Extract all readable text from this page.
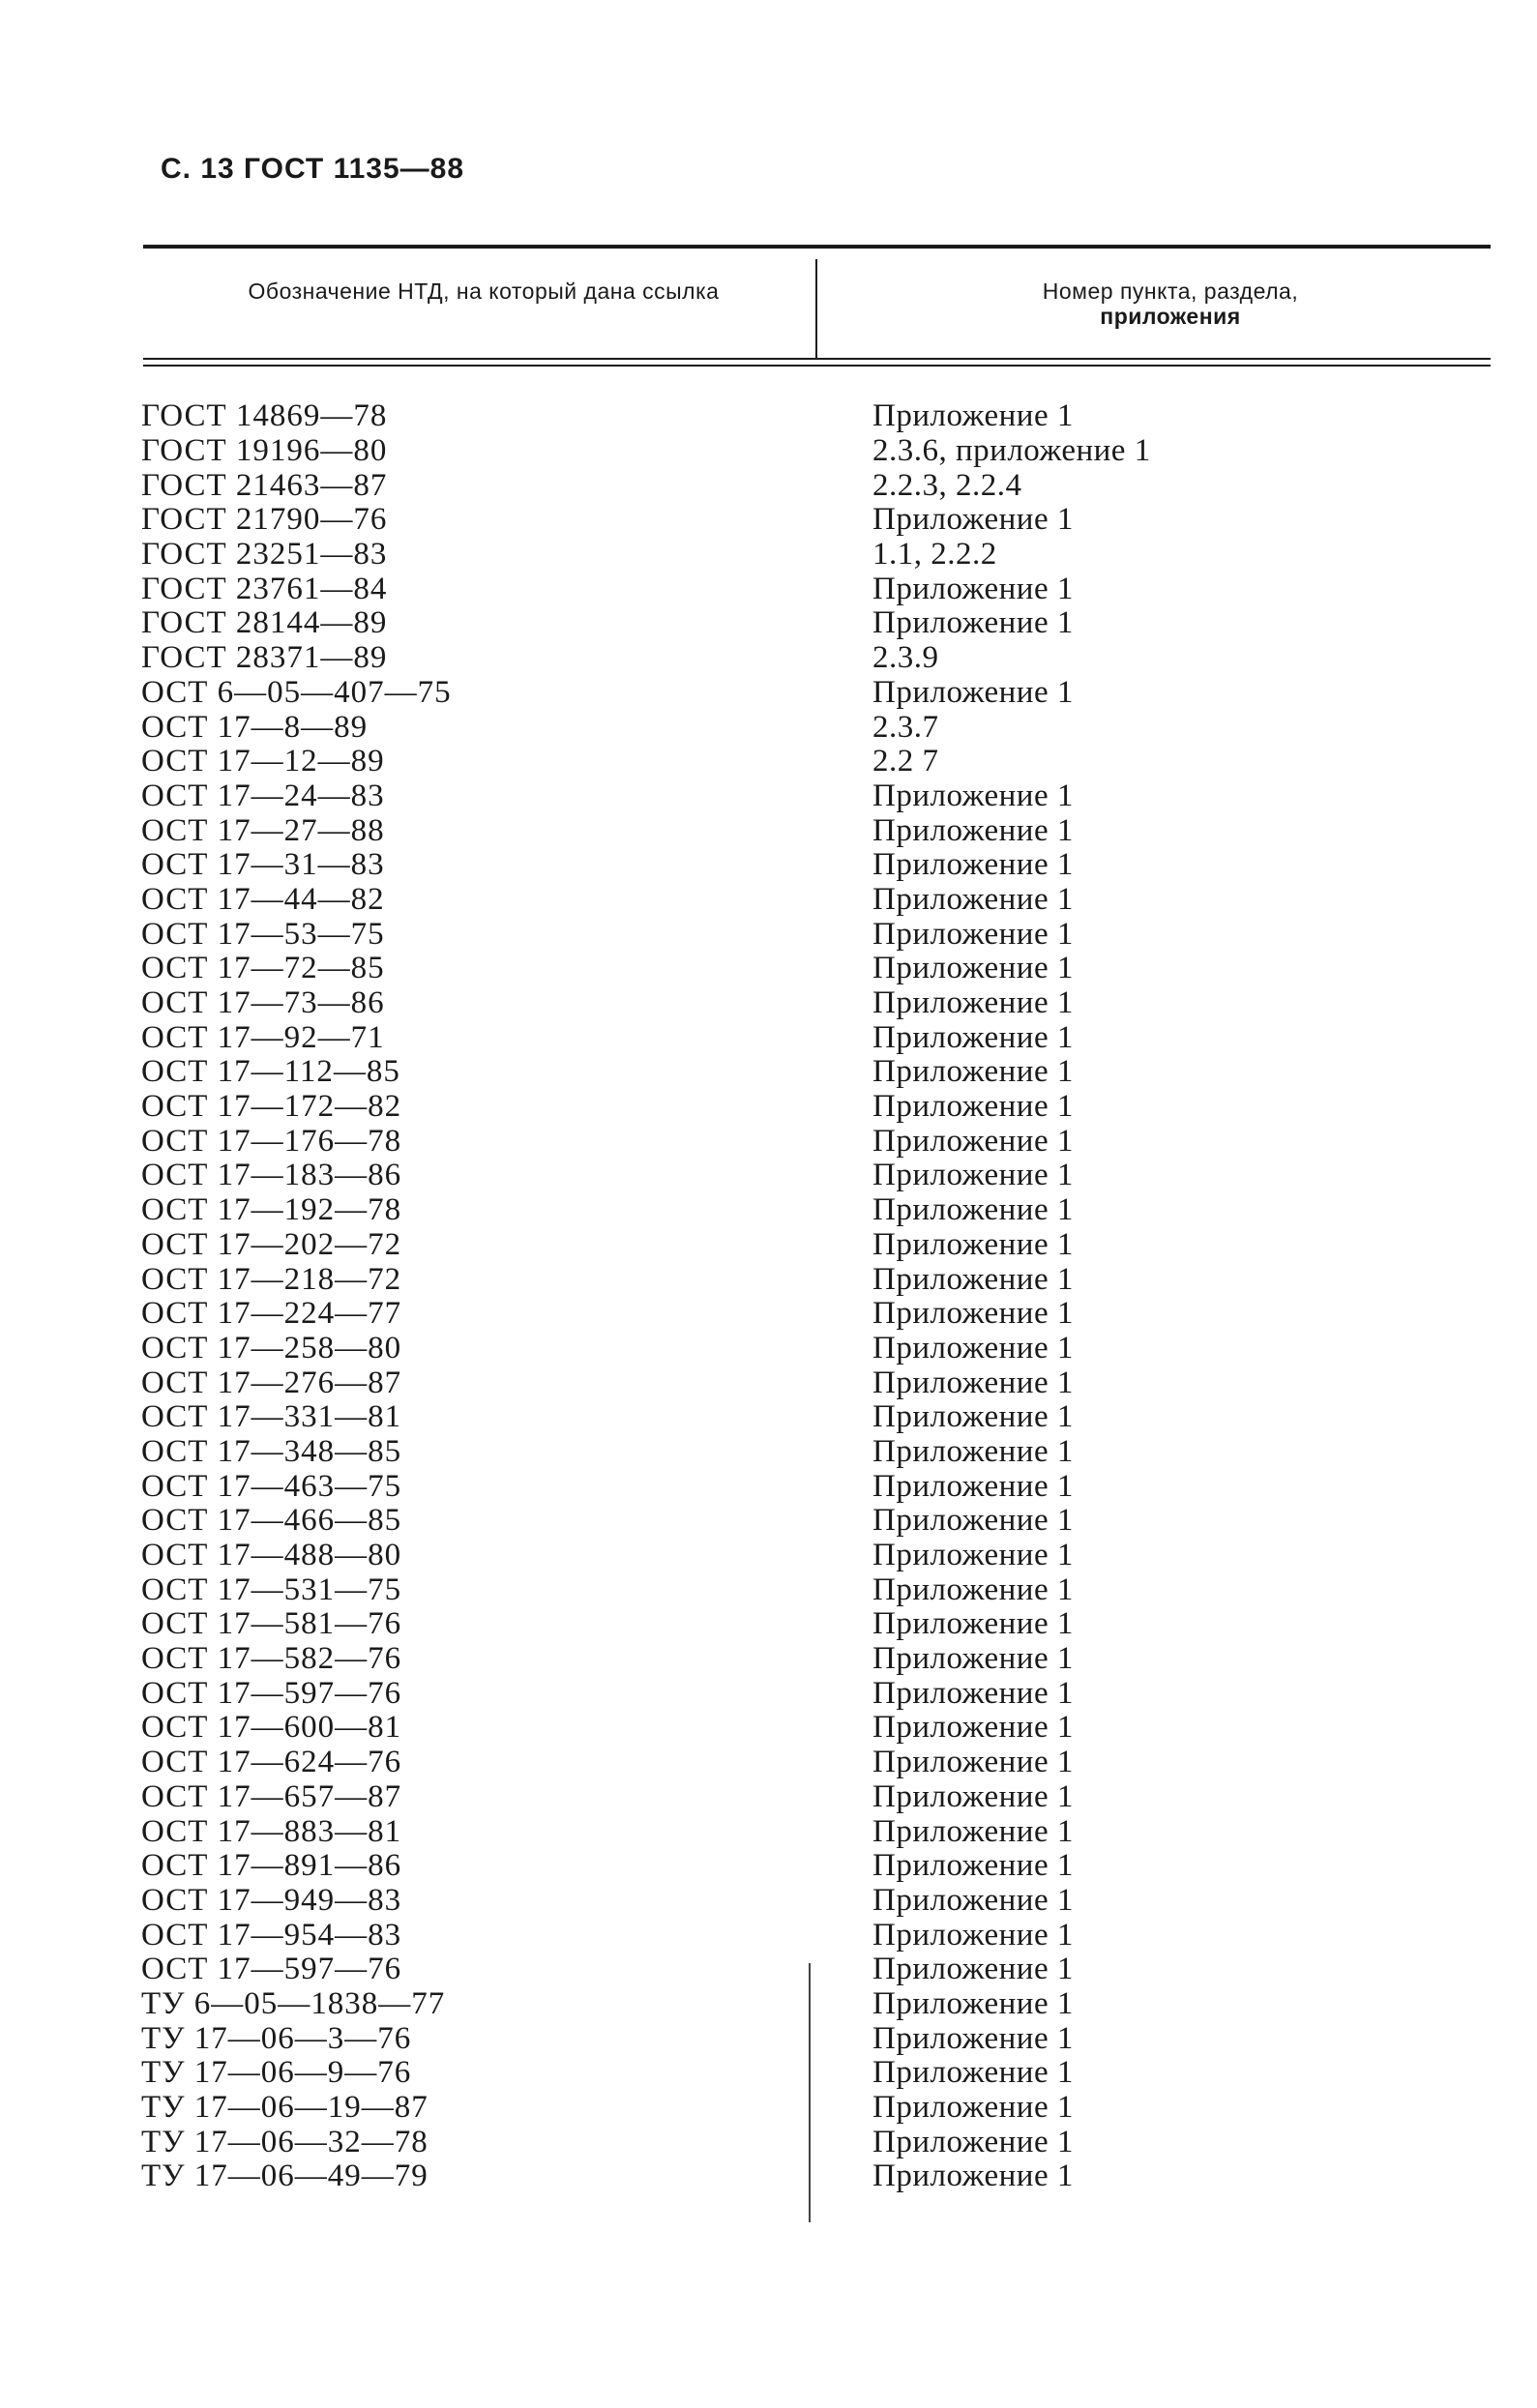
С. 13 ГОСТ 1135—88
Обозначение НТД, на который дана ссылка	Номер пункта, раздела,
приложения
ГОСТ 14869—78	Приложение 1
ГОСТ 19196—80	2.3.6, приложение 1
ГОСТ 21463—87	2.2.3, 2.2.4
ГОСТ 21790—76	Приложение 1
ГОСТ 23251—83	1.1, 2.2.2
ГОСТ 23761—84	Приложение 1
ГОСТ 28144—89	Приложение 1
ГОСТ 28371—89	2.3.9
ОСТ 6—05—407—75	Приложение 1
ОСТ 17—8—89	2.3.7
ОСТ 17—12—89	2.2 7
ОСТ 17—24—83	Приложение 1
ОСТ 17—27—88	Приложение 1
ОСТ 17—31—83	Приложение 1
ОСТ 17—44—82	Приложение 1
ОСТ 17—53—75	Приложение 1
ОСТ 17—72—85	Приложение 1
ОСТ 17—73—86	Приложение 1
ОСТ 17—92—71	Приложение 1
ОСТ 17—112—85	Приложение 1
ОСТ 17—172—82	Приложение 1
ОСТ 17—176—78	Приложение 1
ОСТ 17—183—86	Приложение 1
ОСТ 17—192—78	Приложение 1
ОСТ 17—202—72	Приложение 1
ОСТ 17—218—72	Приложение 1
ОСТ 17—224—77	Приложение 1
ОСТ 17—258—80	Приложение 1
ОСТ 17—276—87	Приложение 1
ОСТ 17—331—81	Приложение 1
ОСТ 17—348—85	Приложение 1
ОСТ 17—463—75	Приложение 1
ОСТ 17—466—85	Приложение 1
ОСТ 17—488—80	Приложение 1
ОСТ 17—531—75	Приложение 1
ОСТ 17—581—76	Приложение 1
ОСТ 17—582—76	Приложение 1
ОСТ 17—597—76	Приложение 1
ОСТ 17—600—81	Приложение 1
ОСТ 17—624—76	Приложение 1
ОСТ 17—657—87	Приложение 1
ОСТ 17—883—81	Приложение 1
ОСТ 17—891—86	Приложение 1
ОСТ 17—949—83	Приложение 1
ОСТ 17—954—83	Приложение 1
ОСТ 17—597—76	Приложение 1
ТУ 6—05—1838—77	Приложение 1
ТУ 17—06—3—76	Приложение 1
ТУ 17—06—9—76	Приложение 1
ТУ 17—06—19—87	Приложение 1
ТУ 17—06—32—78	Приложение 1
ТУ 17—06—49—79	Приложение 1
